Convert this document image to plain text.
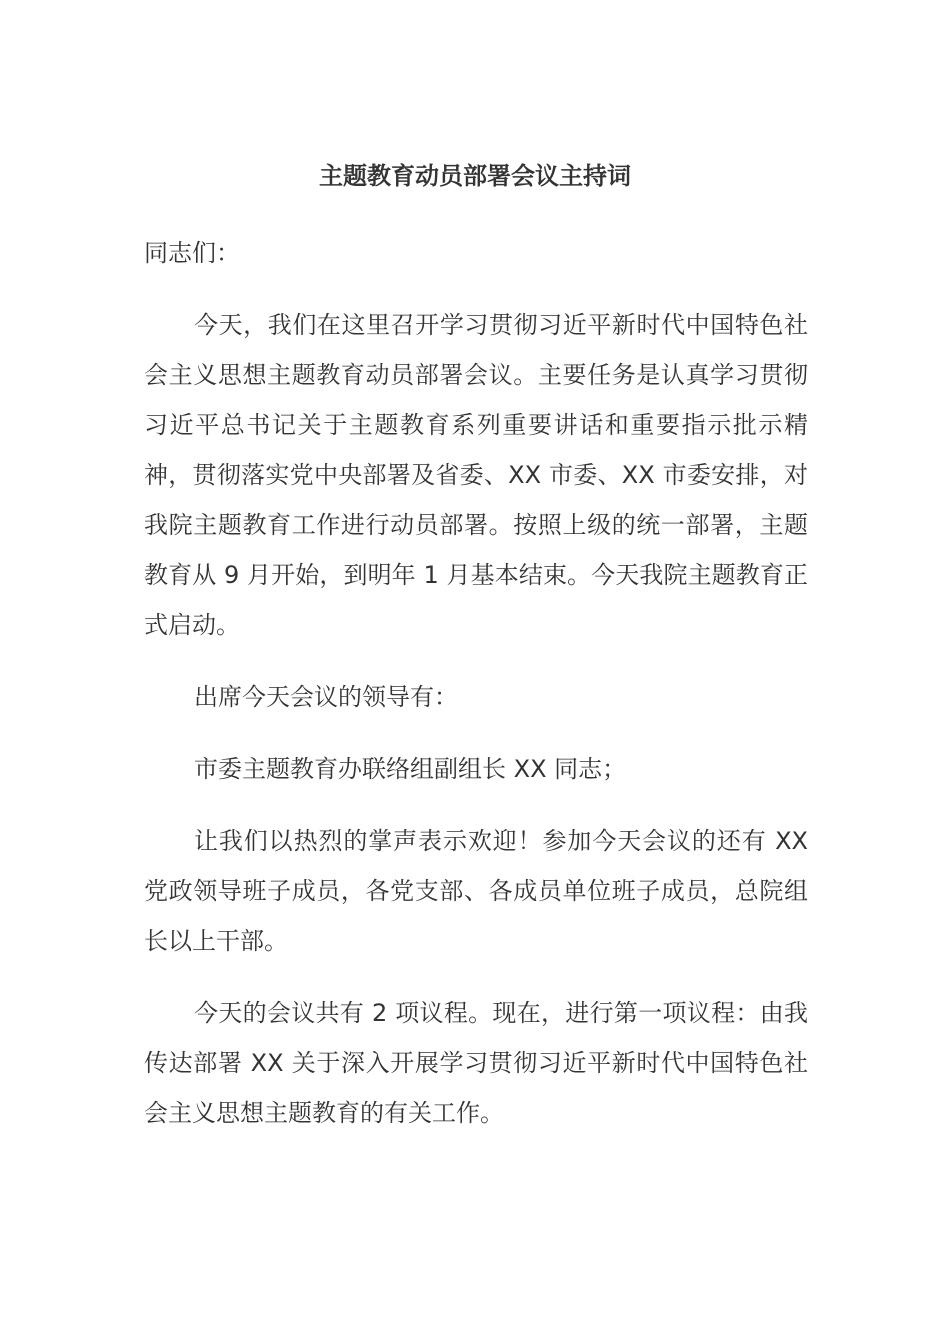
主题教育动员部署会议主持词

同志们：

今天，我们在这里召开学习贯彻习近平新时代中国特色社会主义思想主题教育动员部署会议。主要任务是认真学习贯彻习近平总书记关于主题教育系列重要讲话和重要指示批示精神，贯彻落实党中央部署及省委、XX 市委、XX 市委安排，对我院主题教育工作进行动员部署。按照上级的统一部署，主题教育从 9 月开始，到明年 1 月基本结束。今天我院主题教育正式启动。

出席今天会议的领导有：

市委主题教育办联络组副组长 XX 同志；

让我们以热烈的掌声表示欢迎！参加今天会议的还有 XX 党政领导班子成员，各党支部、各成员单位班子成员，总院组长以上干部。

今天的会议共有 2 项议程。现在，进行第一项议程：由我传达部署 XX 关于深入开展学习贯彻习近平新时代中国特色社会主义思想主题教育的有关工作。
